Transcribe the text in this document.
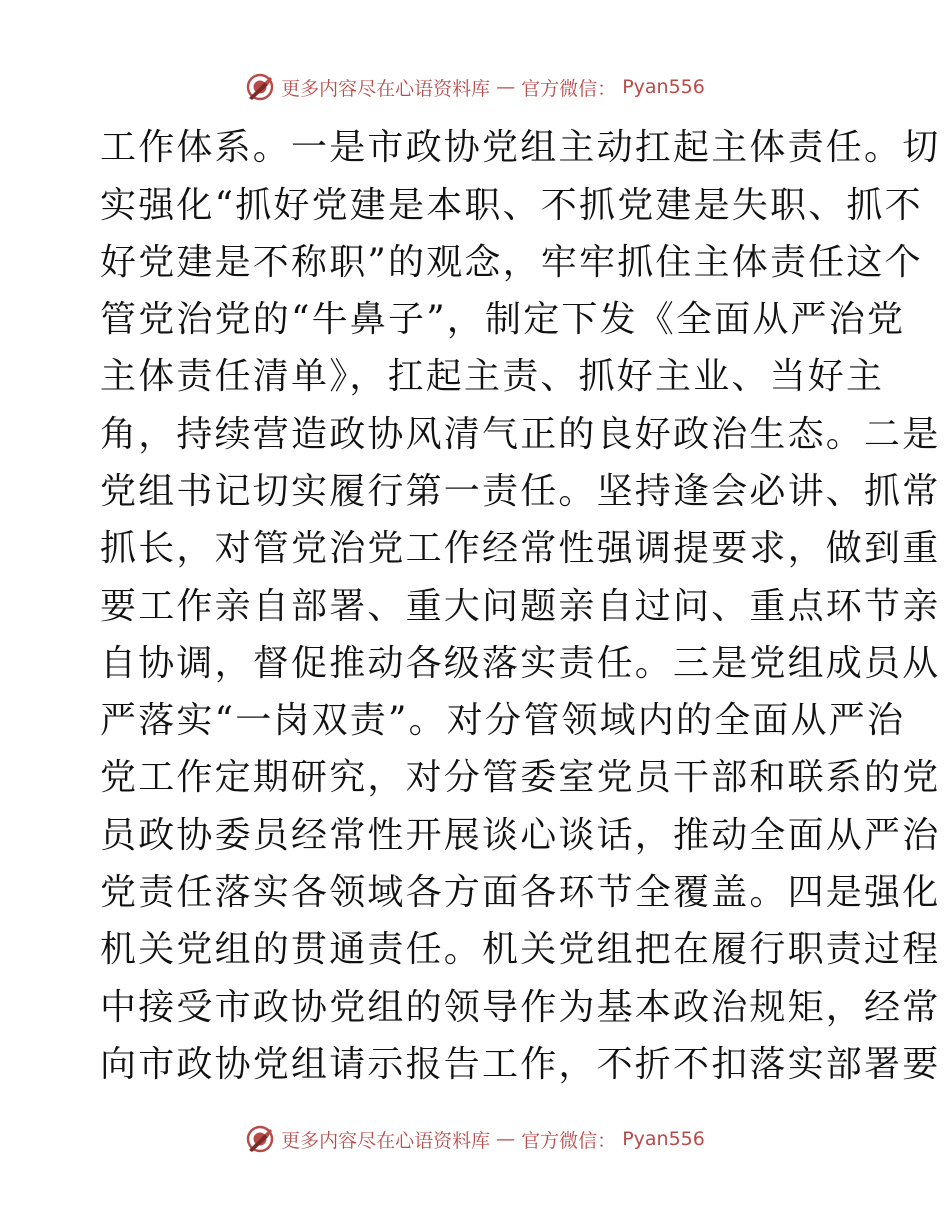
更多内容尽在心语资料库 — 官方微信： Pyan556
工作体系。一是市政协党组主动扛起主体责任。切
实强化“抓好党建是本职、不抓党建是失职、抓不
好党建是不称职”的观念，牢牢抓住主体责任这个
管党治党的“牛鼻子”，制定下发《全面从严治党
主体责任清单》，扛起主责、抓好主业、当好主
角，持续营造政协风清气正的良好政治生态。二是
党组书记切实履行第一责任。坚持逢会必讲、抓常
抓长，对管党治党工作经常性强调提要求，做到重
要工作亲自部署、重大问题亲自过问、重点环节亲
自协调，督促推动各级落实责任。三是党组成员从
严落实“一岗双责”。对分管领域内的全面从严治
党工作定期研究，对分管委室党员干部和联系的党
员政协委员经常性开展谈心谈话，推动全面从严治
党责任落实各领域各方面各环节全覆盖。四是强化
机关党组的贯通责任。机关党组把在履行职责过程
中接受市政协党组的领导作为基本政治规矩，经常
向市政协党组请示报告工作，不折不扣落实部署要
更多内容尽在心语资料库 — 官方微信： Pyan556
